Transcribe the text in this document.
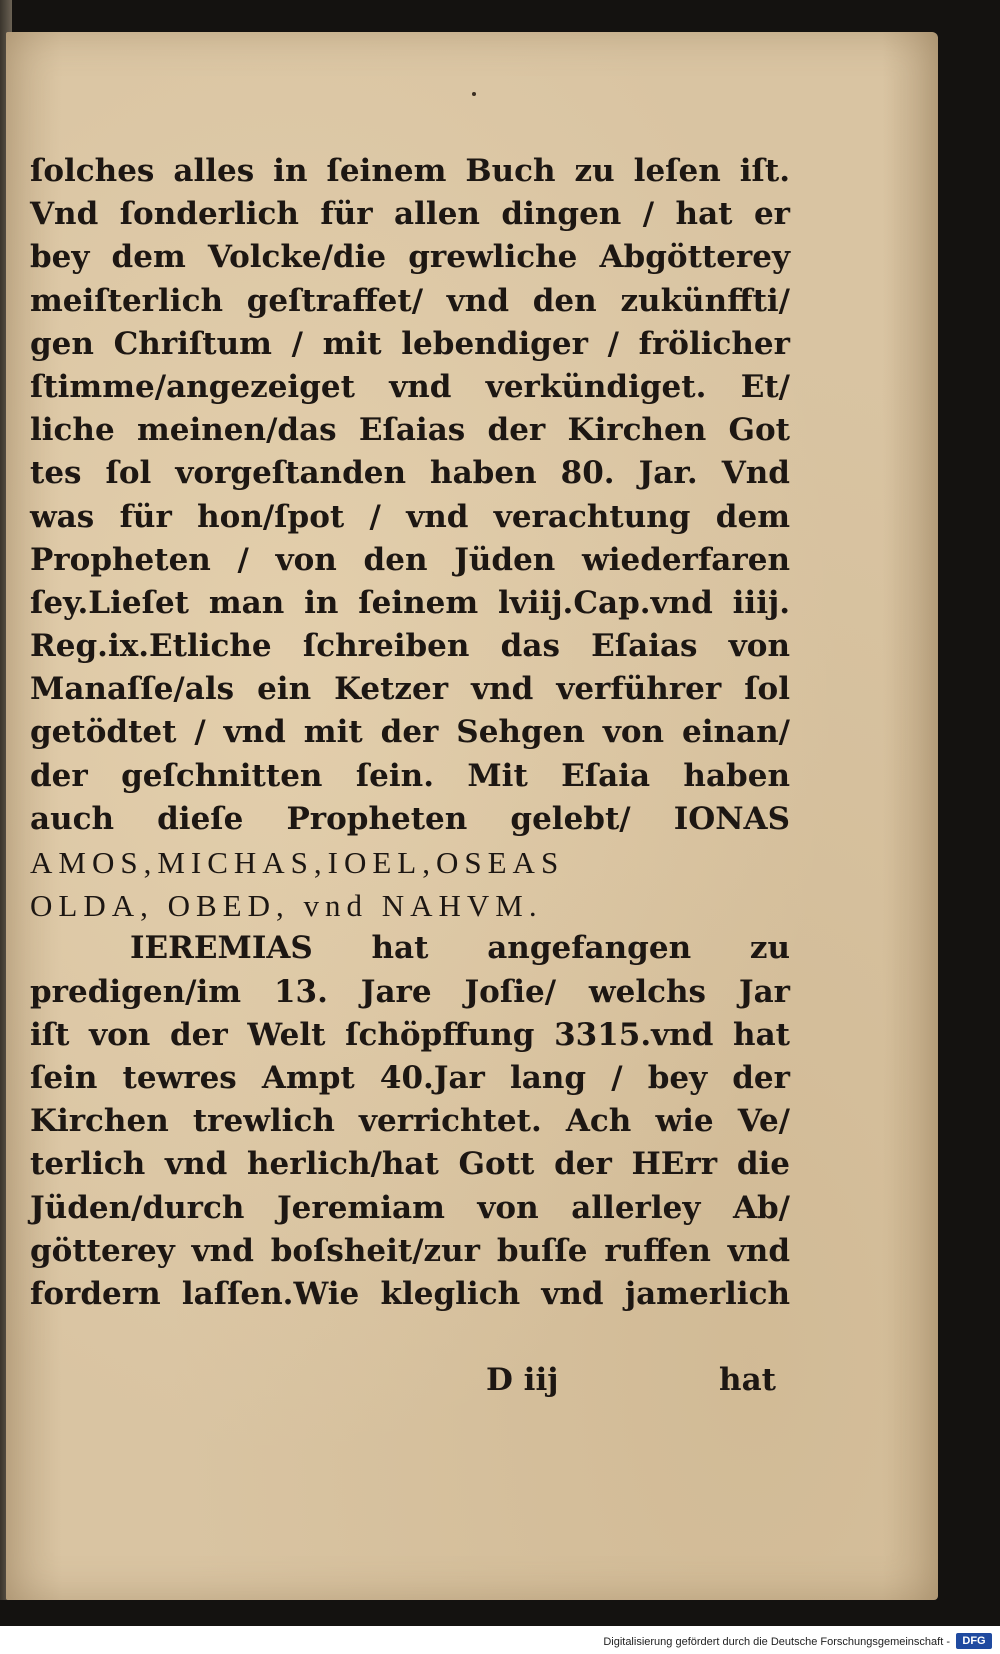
ſolches alles in ſeinem Buch zu leſen iſt.
Vnd ſonderlich für allen dingen / hat er
bey dem Volcke/die grewliche Abgötterey
meiſterlich geſtraffet/ vnd den zukünffti/
gen Chriſtum / mit lebendiger / frölicher
ſtimme/angezeiget vnd verkündiget. Et/
liche meinen/das Eſaias der Kirchen Got
tes ſol vorgeſtanden haben 80. Jar. Vnd
was für hon/ſpot / vnd verachtung dem
Propheten / von den Jüden wiederfaren
ſey.Lieſet man in ſeinem lviij.Cap.vnd iiij.
Reg.ix.Etliche ſchreiben das Eſaias von
Manaſſe/als ein Ketzer vnd verführer ſol
getödtet / vnd mit der Sehgen von einan/
der geſchnitten ſein. Mit Eſaia haben
auch dieſe Propheten gelebt/ IONAS
AMOS,MICHAS,IOEL,OSEAS
OLDA, OBED, vnd NAHVM.
IEREMIAS hat angefangen zu
predigen/im 13. Jare Joſie/ welchs Jar
iſt von der Welt ſchöpffung 3315.vnd hat
ſein tewres Ampt 40.Jar lang / bey der
Kirchen trewlich verrichtet. Ach wie Ve/
terlich vnd herlich/hat Gott der HErr die
Jüden/durch Jeremiam von allerley Ab/
götterey vnd boſsheit/zur buſſe ruffen vnd
fordern laſſen.Wie kleglich vnd jamerlich
D iij	hat
Digitalisierung gefördert durch die Deutsche Forschungsgemeinschaft -	DFG
